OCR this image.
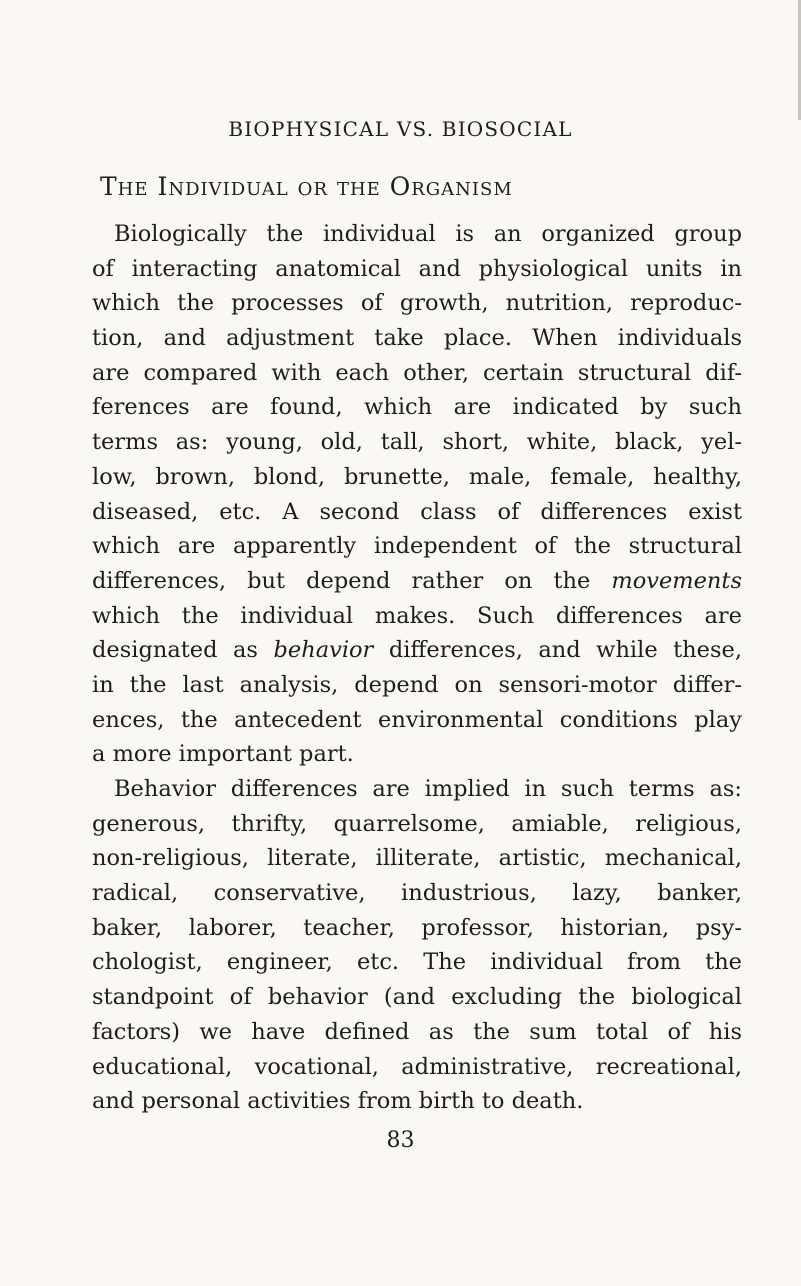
BIOPHYSICAL VS. BIOSOCIAL
The Individual or the Organism
Biologically the individual is an organized group
of interacting anatomical and physiological units in
which the processes of growth, nutrition, reproduc-
tion, and adjustment take place. When individuals
are compared with each other, certain structural dif-
ferences are found, which are indicated by such
terms as: young, old, tall, short, white, black, yel-
low, brown, blond, brunette, male, female, healthy,
diseased, etc. A second class of differences exist
which are apparently independent of the structural
differences, but depend rather on the movements
which the individual makes. Such differences are
designated as behavior differences, and while these,
in the last analysis, depend on sensori-motor differ-
ences, the antecedent environmental conditions play
a more important part.
Behavior differences are implied in such terms as:
generous, thrifty, quarrelsome, amiable, religious,
non-religious, literate, illiterate, artistic, mechanical,
radical, conservative, industrious, lazy, banker,
baker, laborer, teacher, professor, historian, psy-
chologist, engineer, etc. The individual from the
standpoint of behavior (and excluding the biological
factors) we have defined as the sum total of his
educational, vocational, administrative, recreational,
and personal activities from birth to death.
83
